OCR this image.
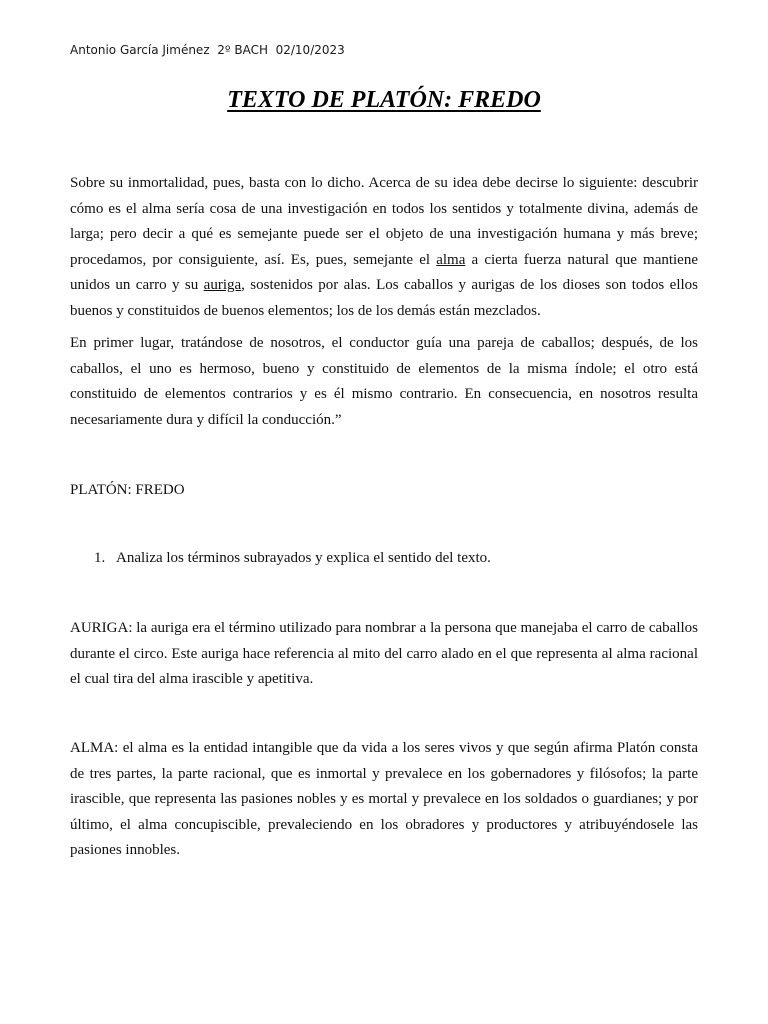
Antonio García Jiménez  2º BACH  02/10/2023
TEXTO DE PLATÓN: FREDO

Sobre su inmortalidad, pues, basta con lo dicho. Acerca de su idea debe decirse lo siguiente: descubrir cómo es el alma sería cosa de una investigación en todos los sentidos y totalmente divina, además de larga; pero decir a qué es semejante puede ser el objeto de una investigación humana y más breve; procedamos, por consiguiente, así. Es, pues, semejante el alma a cierta fuerza natural que mantiene unidos un carro y su auriga, sostenidos por alas. Los caballos y aurigas de los dioses son todos ellos buenos y constituidos de buenos elementos; los de los demás están mezclados.

En primer lugar, tratándose de nosotros, el conductor guía una pareja de caballos; después, de los caballos, el uno es hermoso, bueno y constituido de elementos de la misma índole; el otro está constituido de elementos contrarios y es él mismo contrario. En consecuencia, en nosotros resulta necesariamente dura y difícil la conducción.”

PLATÓN: FREDO

1. Analiza los términos subrayados y explica el sentido del texto.

AURIGA: la auriga era el término utilizado para nombrar a la persona que manejaba el carro de caballos durante el circo. Este auriga hace referencia al mito del carro alado en el que representa al alma racional el cual tira del alma irascible y apetitiva.

ALMA: el alma es la entidad intangible que da vida a los seres vivos y que según afirma Platón consta de tres partes, la parte racional, que es inmortal y prevalece en los gobernadores y filósofos; la parte irascible, que representa las pasiones nobles y es mortal y prevalece en los soldados o guardianes; y por último, el alma concupiscible, prevaleciendo en los obradores y productores y atribuyéndosele las pasiones innobles.
